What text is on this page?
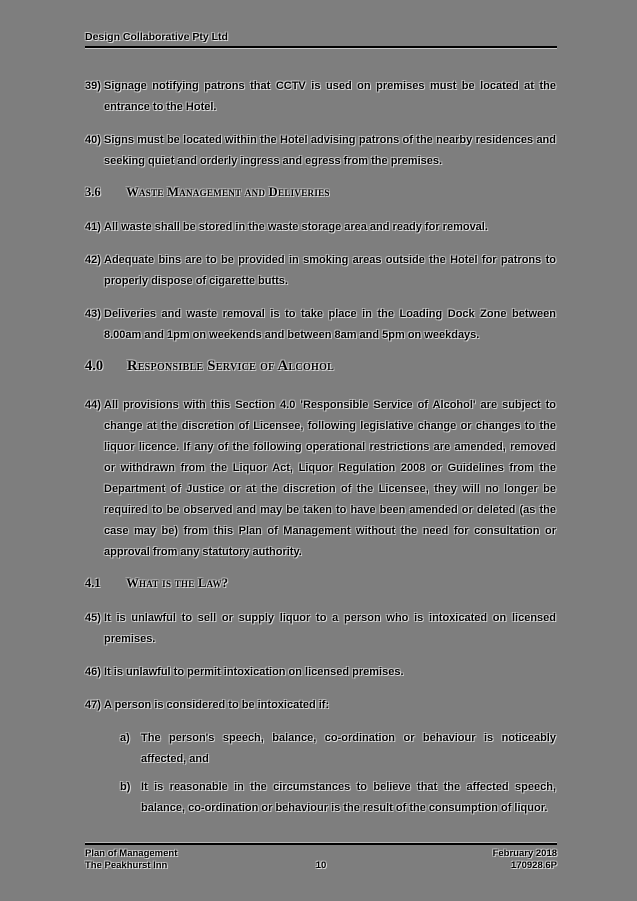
Design Collaborative Pty Ltd
39) Signage notifying patrons that CCTV is used on premises must be located at the entrance to the Hotel.
40) Signs must be located within the Hotel advising patrons of the nearby residences and seeking quiet and orderly ingress and egress from the premises.
3.6 Waste Management and Deliveries
41) All waste shall be stored in the waste storage area and ready for removal.
42) Adequate bins are to be provided in smoking areas outside the Hotel for patrons to properly dispose of cigarette butts.
43) Deliveries and waste removal is to take place in the Loading Dock Zone between 8.00am and 1pm on weekends and between 8am and 5pm on weekdays.
4.0 Responsible Service of Alcohol
44) All provisions with this Section 4.0 'Responsible Service of Alcohol' are subject to change at the discretion of Licensee, following legislative change or changes to the liquor licence. If any of the following operational restrictions are amended, removed or withdrawn from the Liquor Act, Liquor Regulation 2008 or Guidelines from the Department of Justice or at the discretion of the Licensee, they will no longer be required to be observed and may be taken to have been amended or deleted (as the case may be) from this Plan of Management without the need for consultation or approval from any statutory authority.
4.1 What is the Law?
45) It is unlawful to sell or supply liquor to a person who is intoxicated on licensed premises.
46) It is unlawful to permit intoxication on licensed premises.
47) A person is considered to be intoxicated if:
a) The person's speech, balance, co-ordination or behaviour is noticeably affected, and
b) It is reasonable in the circumstances to believe that the affected speech, balance, co-ordination or behaviour is the result of the consumption of liquor.
Plan of Management
The Peakhurst Inn	10
February 2018
170928.6P
